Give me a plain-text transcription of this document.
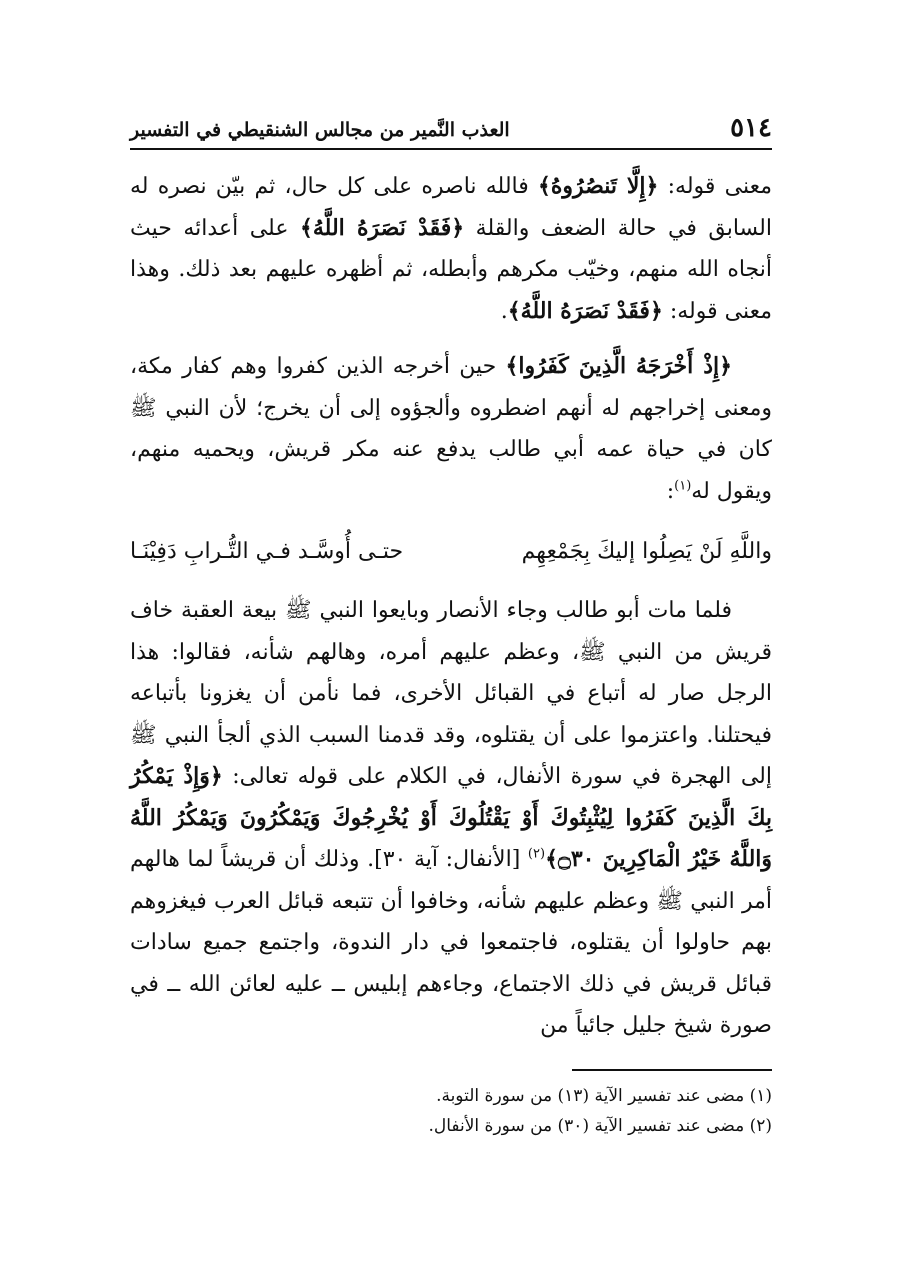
٥١٤
العذب النَّمير من مجالس الشنقيطي في التفسير

معنى قوله: ﴿إِلَّا تَنصُرُوهُ﴾ فالله ناصره على كل حال، ثم بيّن نصره له السابق في حالة الضعف والقلة ﴿فَقَدْ نَصَرَهُ اللَّهُ﴾ على أعدائه حيث أنجاه الله منهم، وخيّب مكرهم وأبطله، ثم أظهره عليهم بعد ذلك. وهذا معنى قوله: ﴿فَقَدْ نَصَرَهُ اللَّهُ﴾.

﴿إِذْ أَخْرَجَهُ الَّذِينَ كَفَرُوا﴾ حين أخرجه الذين كفروا وهم كفار مكة، ومعنى إخراجهم له أنهم اضطروه وألجؤوه إلى أن يخرج؛ لأن النبي ﷺ كان في حياة عمه أبي طالب يدفع عنه مكر قريش، ويحميه منهم، ويقول له$^{(١)}$:

واللَّهِ لَنْ يَصِلُوا إليكَ بِجَمْعِهِم
حتـى أُوسَّـد فـي التُّـرابِ دَفِيْنَـا

فلما مات أبو طالب وجاء الأنصار وبايعوا النبي ﷺ بيعة العقبة خاف قريش من النبي ﷺ، وعظم عليهم أمره، وهالهم شأنه، فقالوا: هذا الرجل صار له أتباع في القبائل الأخرى، فما نأمن أن يغزونا بأتباعه فيحتلنا. واعتزموا على أن يقتلوه، وقد قدمنا السبب الذي ألجأ النبي ﷺ إلى الهجرة في سورة الأنفال، في الكلام على قوله تعالى: ﴿وَإِذْ يَمْكُرُ بِكَ الَّذِينَ كَفَرُوا لِيُثْبِتُوكَ أَوْ يَقْتُلُوكَ أَوْ يُخْرِجُوكَ وَيَمْكُرُونَ وَيَمْكُرُ اللَّهُ وَاللَّهُ خَيْرُ الْمَاكِرِينَ ۝٣٠﴾$^{(٢)}$ [الأنفال: آية ٣٠]. وذلك أن قريشاً لما هالهم أمر النبي ﷺ وعظم عليهم شأنه، وخافوا أن تتبعه قبائل العرب فيغزوهم بهم حاولوا أن يقتلوه، فاجتمعوا في دار الندوة، واجتمع جميع سادات قبائل قريش في ذلك الاجتماع، وجاءهم إبليس ــ عليه لعائن الله ــ في صورة شيخ جليل جائياً من

(١) مضى عند تفسير الآية (١٣) من سورة التوبة.

(٢) مضى عند تفسير الآية (٣٠) من سورة الأنفال.
